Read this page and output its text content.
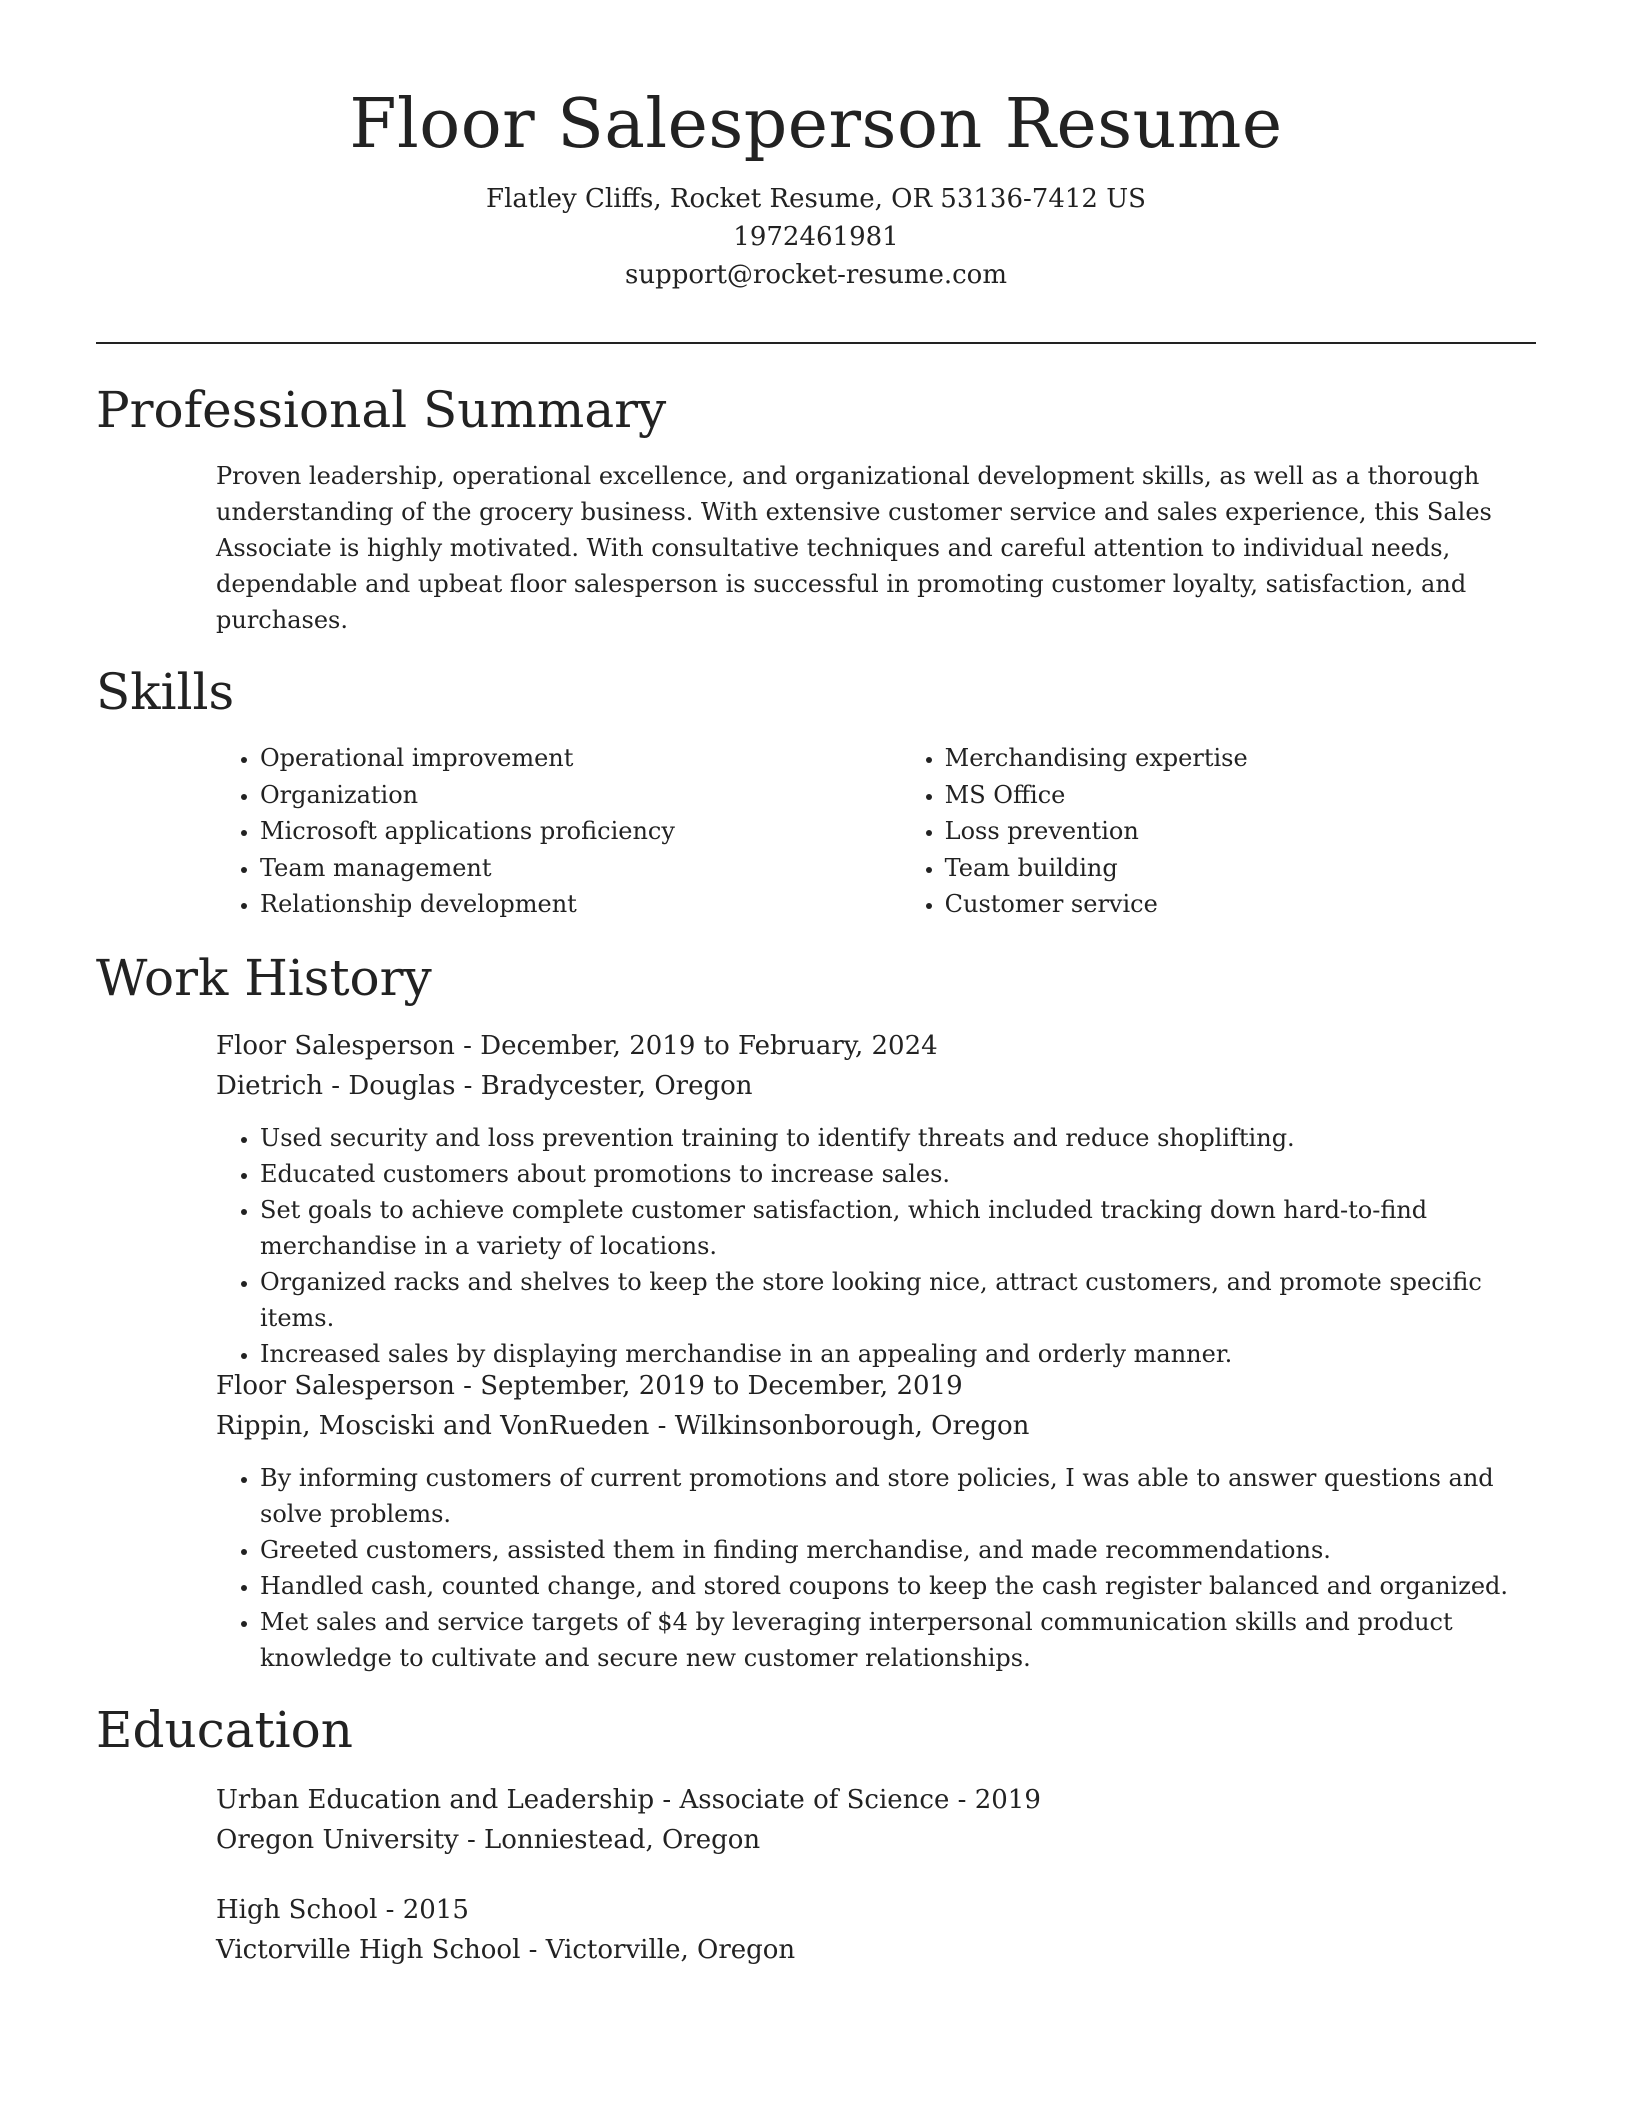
Floor Salesperson Resume

Flatley Cliffs, Rocket Resume, OR 53136-7412 US

1972461981

support@rocket-resume.com

Professional Summary

Proven leadership, operational excellence, and organizational development skills, as well as a thorough understanding of the grocery business. With extensive customer service and sales experience, this Sales Associate is highly motivated. With consultative techniques and careful attention to individual needs, dependable and upbeat floor salesperson is successful in promoting customer loyalty, satisfaction, and purchases.

Skills
• Operational improvement
• Organization
• Microsoft applications proficiency
• Team management
• Relationship development
• Merchandising expertise
• MS Office
• Loss prevention
• Team building
• Customer service
Work History

Floor Salesperson - December, 2019 to February, 2024

Dietrich - Douglas - Bradycester, Oregon

• Used security and loss prevention training to identify threats and reduce shoplifting.
• Educated customers about promotions to increase sales.
• Set goals to achieve complete customer satisfaction, which included tracking down hard-to-find merchandise in a variety of locations.
• Organized racks and shelves to keep the store looking nice, attract customers, and promote specific items.
• Increased sales by displaying merchandise in an appealing and orderly manner.

Floor Salesperson - September, 2019 to December, 2019

Rippin, Mosciski and VonRueden - Wilkinsonborough, Oregon

• By informing customers of current promotions and store policies, I was able to answer questions and solve problems.
• Greeted customers, assisted them in finding merchandise, and made recommendations.
• Handled cash, counted change, and stored coupons to keep the cash register balanced and organized.
• Met sales and service targets of $4 by leveraging interpersonal communication skills and product knowledge to cultivate and secure new customer relationships.
Education

Urban Education and Leadership - Associate of Science - 2019

Oregon University - Lonniestead, Oregon

High School - 2015

Victorville High School - Victorville, Oregon
